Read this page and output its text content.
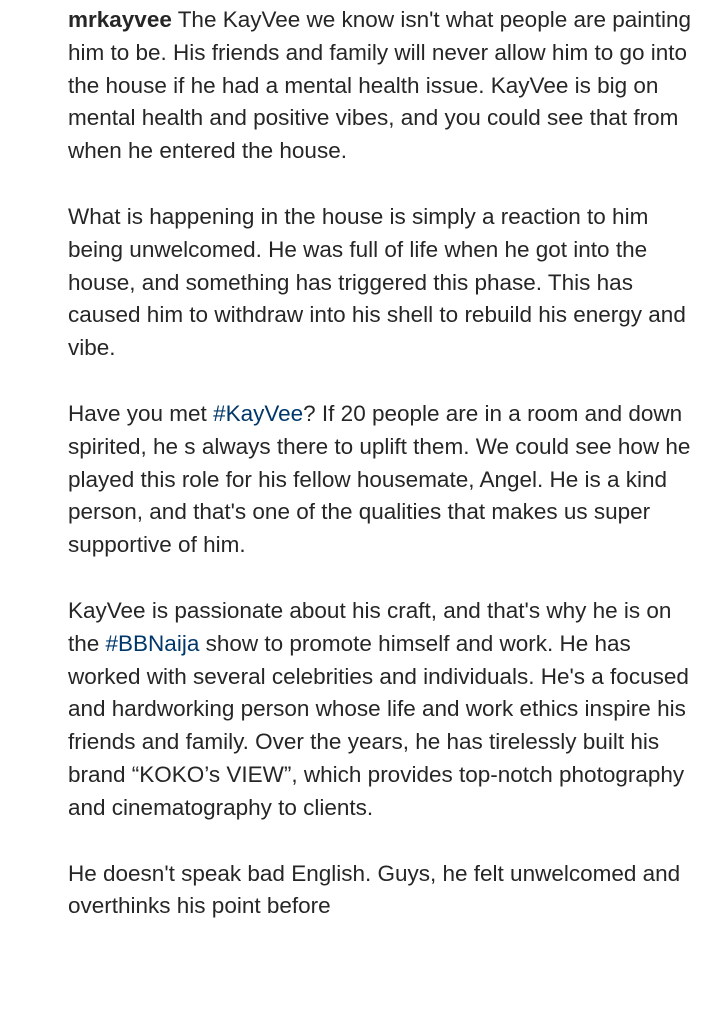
mrkayvee The KayVee we know isn't what people are painting him to be. His friends and family will never allow him to go into the house if he had a mental health issue. KayVee is big on mental health and positive vibes, and you could see that from when he entered the house.

What is happening in the house is simply a reaction to him being unwelcomed. He was full of life when he got into the house, and something has triggered this phase. This has caused him to withdraw into his shell to rebuild his energy and vibe.

Have you met #KayVee? If 20 people are in a room and down spirited, he s always there to uplift them. We could see how he played this role for his fellow housemate, Angel. He is a kind person, and that's one of the qualities that makes us super supportive of him.

KayVee is passionate about his craft, and that's why he is on the #BBNaija show to promote himself and work. He has worked with several celebrities and individuals. He's a focused and hardworking person whose life and work ethics inspire his friends and family. Over the years, he has tirelessly built his brand “KOKO’s VIEW”, which provides top-notch photography and cinematography to clients.

He doesn't speak bad English. Guys, he felt unwelcomed and overthinks his point before
